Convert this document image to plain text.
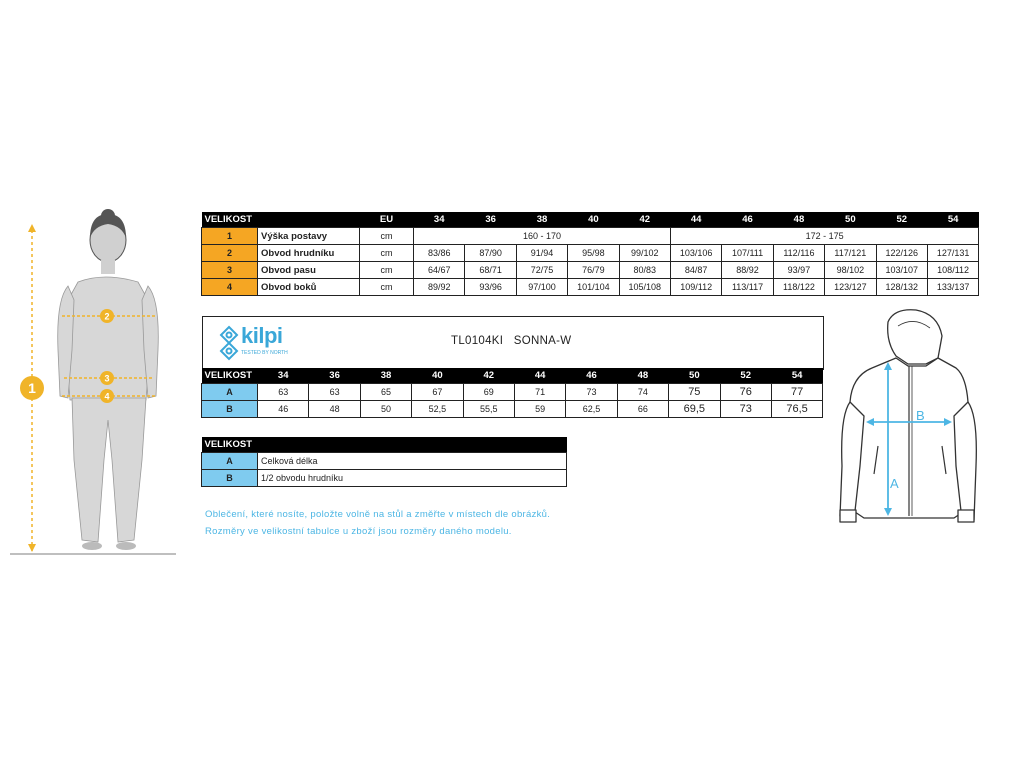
2
3
4
1
VELIKOST		EU	34	36	38	40	42	44	46	48	50	52	54
1	Výška postavy	cm	160 - 170					172 - 175					
2	Obvod hrudníku	cm	83/86	87/90	91/94	95/98	99/102	103/106	107/111	112/116	117/121	122/126	127/131
3	Obvod pasu	cm	64/67	68/71	72/75	76/79	80/83	84/87	88/92	93/97	98/102	103/107	108/112
4	Obvod boků	cm	89/92	93/96	97/100	101/104	105/108	109/112	113/117	118/122	123/127	128/132	133/137
kilpi
TESTED BY NORTH
TL0104KI   SONNA-W
VELIKOST	34	36	38	40	42	44	46	48	50	52	54
A	63	63	65	67	69	71	73	74	75	76	77
B	46	48	50	52,5	55,5	59	62,5	66	69,5	73	76,5
VELIKOST	
A	Celková délka
B	1/2 obvodu hrudníku
Oblečení, které nosíte, položte volně na stůl a změřte v místech dle obrázků.
Rozměry ve velikostní tabulce u zboží jsou rozměry daného modelu.
A
B
